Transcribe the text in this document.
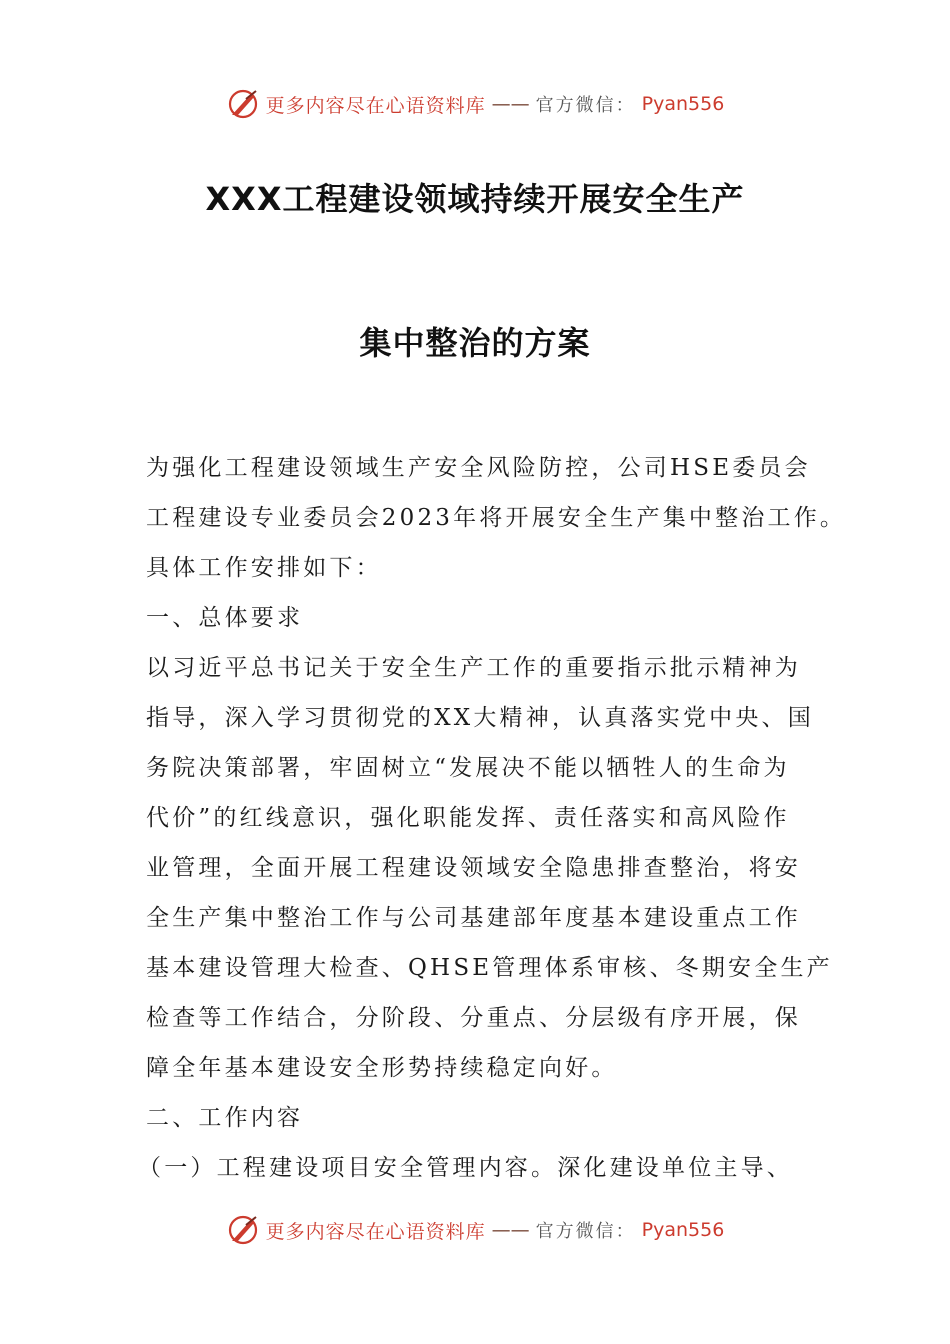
更多内容尽在心语资料库 —— 官方微信： Pyan556
XXX工程建设领域持续开展安全生产
集中整治的方案
为强化工程建设领域生产安全风险防控，公司HSE委员会
工程建设专业委员会2023年将开展安全生产集中整治工作。
具体工作安排如下：
一、总体要求
以习近平总书记关于安全生产工作的重要指示批示精神为
指导，深入学习贯彻党的XX大精神，认真落实党中央、国
务院决策部署，牢固树立“发展决不能以牺牲人的生命为
代价”的红线意识，强化职能发挥、责任落实和高风险作
业管理，全面开展工程建设领域安全隐患排查整治，将安
全生产集中整治工作与公司基建部年度基本建设重点工作
基本建设管理大检查、QHSE管理体系审核、冬期安全生产
检查等工作结合，分阶段、分重点、分层级有序开展，保
障全年基本建设安全形势持续稳定向好。
二、工作内容
（一）工程建设项目安全管理内容。深化建设单位主导、
更多内容尽在心语资料库 —— 官方微信： Pyan556
